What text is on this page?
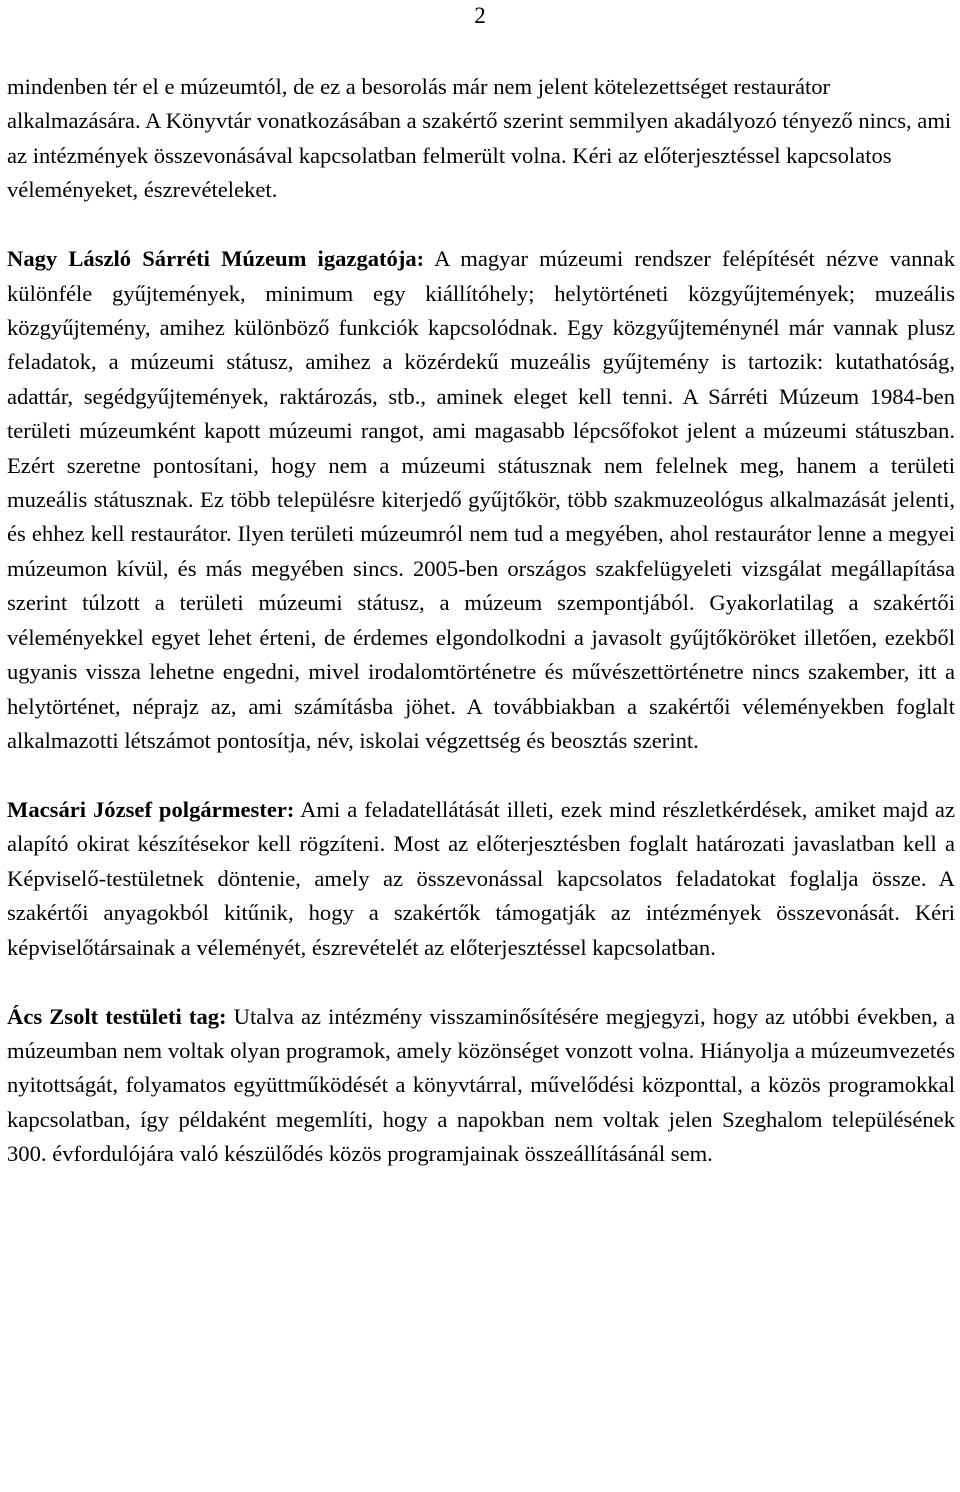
2

mindenben tér el e múzeumtól, de ez a besorolás már nem jelent kötelezettséget restaurátor alkalmazására. A Könyvtár vonatkozásában a szakértő szerint semmilyen akadályozó tényező nincs, ami az intézmények összevonásával kapcsolatban felmerült volna. Kéri az előterjesztéssel kapcsolatos véleményeket, észrevételeket.

Nagy László Sárréti Múzeum igazgatója: A magyar múzeumi rendszer felépítését nézve vannak különféle gyűjtemények, minimum egy kiállítóhely; helytörténeti közgyűjtemények; muzeális közgyűjtemény, amihez különböző funkciók kapcsolódnak. Egy közgyűjteménynél már vannak plusz feladatok, a múzeumi státusz, amihez a közérdekű muzeális gyűjtemény is tartozik: kutathatóság, adattár, segédgyűjtemények, raktározás, stb., aminek eleget kell tenni. A Sárréti Múzeum 1984-ben területi múzeumként kapott múzeumi rangot, ami magasabb lépcsőfokot jelent a múzeumi státuszban. Ezért szeretne pontosítani, hogy nem a múzeumi státusznak nem felelnek meg, hanem a területi muzeális státusznak. Ez több településre kiterjedő gyűjtőkör, több szakmuzeológus alkalmazását jelenti, és ehhez kell restaurátor. Ilyen területi múzeumról nem tud a megyében, ahol restaurátor lenne a megyei múzeumon kívül, és más megyében sincs. 2005-ben országos szakfelügyeleti vizsgálat megállapítása szerint túlzott a területi múzeumi státusz, a múzeum szempontjából. Gyakorlatilag a szakértői véleményekkel egyet lehet érteni, de érdemes elgondolkodni a javasolt gyűjtőköröket illetően, ezekből ugyanis vissza lehetne engedni, mivel irodalomtörténetre és művészettörténetre nincs szakember, itt a helytörténet, néprajz az, ami számításba jöhet. A továbbiakban a szakértői véleményekben foglalt alkalmazotti létszámot pontosítja, név, iskolai végzettség és beosztás szerint.

Macsári József polgármester: Ami a feladatellátását illeti, ezek mind részletkérdések, amiket majd az alapító okirat készítésekor kell rögzíteni. Most az előterjesztésben foglalt határozati javaslatban kell a Képviselő-testületnek döntenie, amely az összevonással kapcsolatos feladatokat foglalja össze. A szakértői anyagokból kitűnik, hogy a szakértők támogatják az intézmények összevonását. Kéri képviselőtársainak a véleményét, észrevételét az előterjesztéssel kapcsolatban.

Ács Zsolt testületi tag: Utalva az intézmény visszaminősítésére megjegyzi, hogy az utóbbi években, a múzeumban nem voltak olyan programok, amely közönséget vonzott volna. Hiányolja a múzeumvezetés nyitottságát, folyamatos együttműködését a könyvtárral, művelődési központtal, a közös programokkal kapcsolatban, így példaként megemlíti, hogy a napokban nem voltak jelen Szeghalom településének 300. évfordulójára való készülődés közös programjainak összeállításánál sem.
